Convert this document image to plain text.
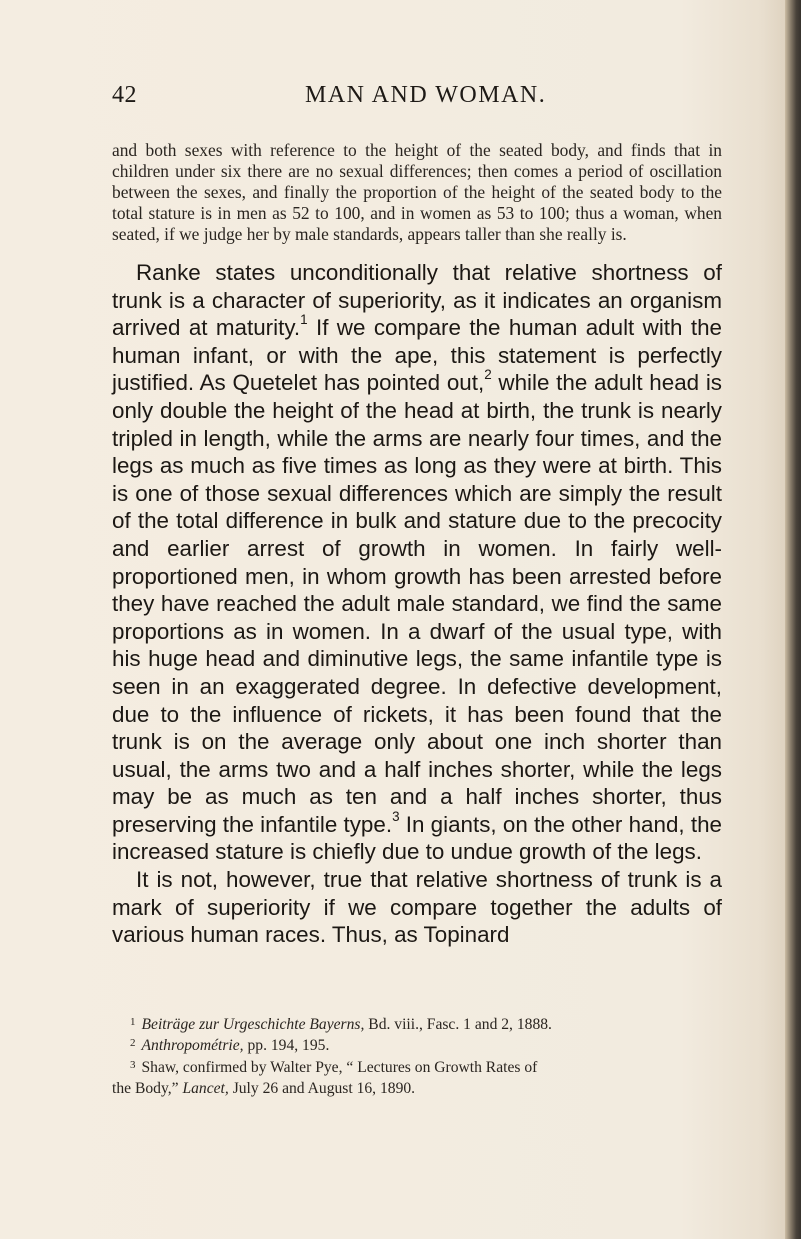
42	MAN AND WOMAN.
and both sexes with reference to the height of the seated body, and finds that in children under six there are no sexual differences; then comes a period of oscillation between the sexes, and finally the proportion of the height of the seated body to the total stature is in men as 52 to 100, and in women as 53 to 100; thus a woman, when seated, if we judge her by male standards, appears taller than she really is.

Ranke states unconditionally that relative shortness of trunk is a character of superiority, as it indicates an organism arrived at maturity.$^1$ If we compare the human adult with the human infant, or with the ape, this statement is perfectly justified. As Quetelet has pointed out,$^2$ while the adult head is only double the height of the head at birth, the trunk is nearly tripled in length, while the arms are nearly four times, and the legs as much as five times as long as they were at birth. This is one of those sexual differences which are simply the result of the total difference in bulk and stature due to the precocity and earlier arrest of growth in women. In fairly well-proportioned men, in whom growth has been arrested before they have reached the adult male standard, we find the same proportions as in women. In a dwarf of the usual type, with his huge head and diminutive legs, the same infantile type is seen in an exaggerated degree. In defective development, due to the influence of rickets, it has been found that the trunk is on the average only about one inch shorter than usual, the arms two and a half inches shorter, while the legs may be as much as ten and a half inches shorter, thus preserving the infantile type.$^3$ In giants, on the other hand, the increased stature is chiefly due to undue growth of the legs.

It is not, however, true that relative shortness of trunk is a mark of superiority if we compare together the adults of various human races. Thus, as Topinard

$^1$ Beiträge zur Urgeschichte Bayerns, Bd. viii., Fasc. 1 and 2, 1888.

$^2$ Anthropométrie, pp. 194, 195.

$^3$ Shaw, confirmed by Walter Pye, “ Lectures on Growth Rates of

the Body,” Lancet, July 26 and August 16, 1890.
